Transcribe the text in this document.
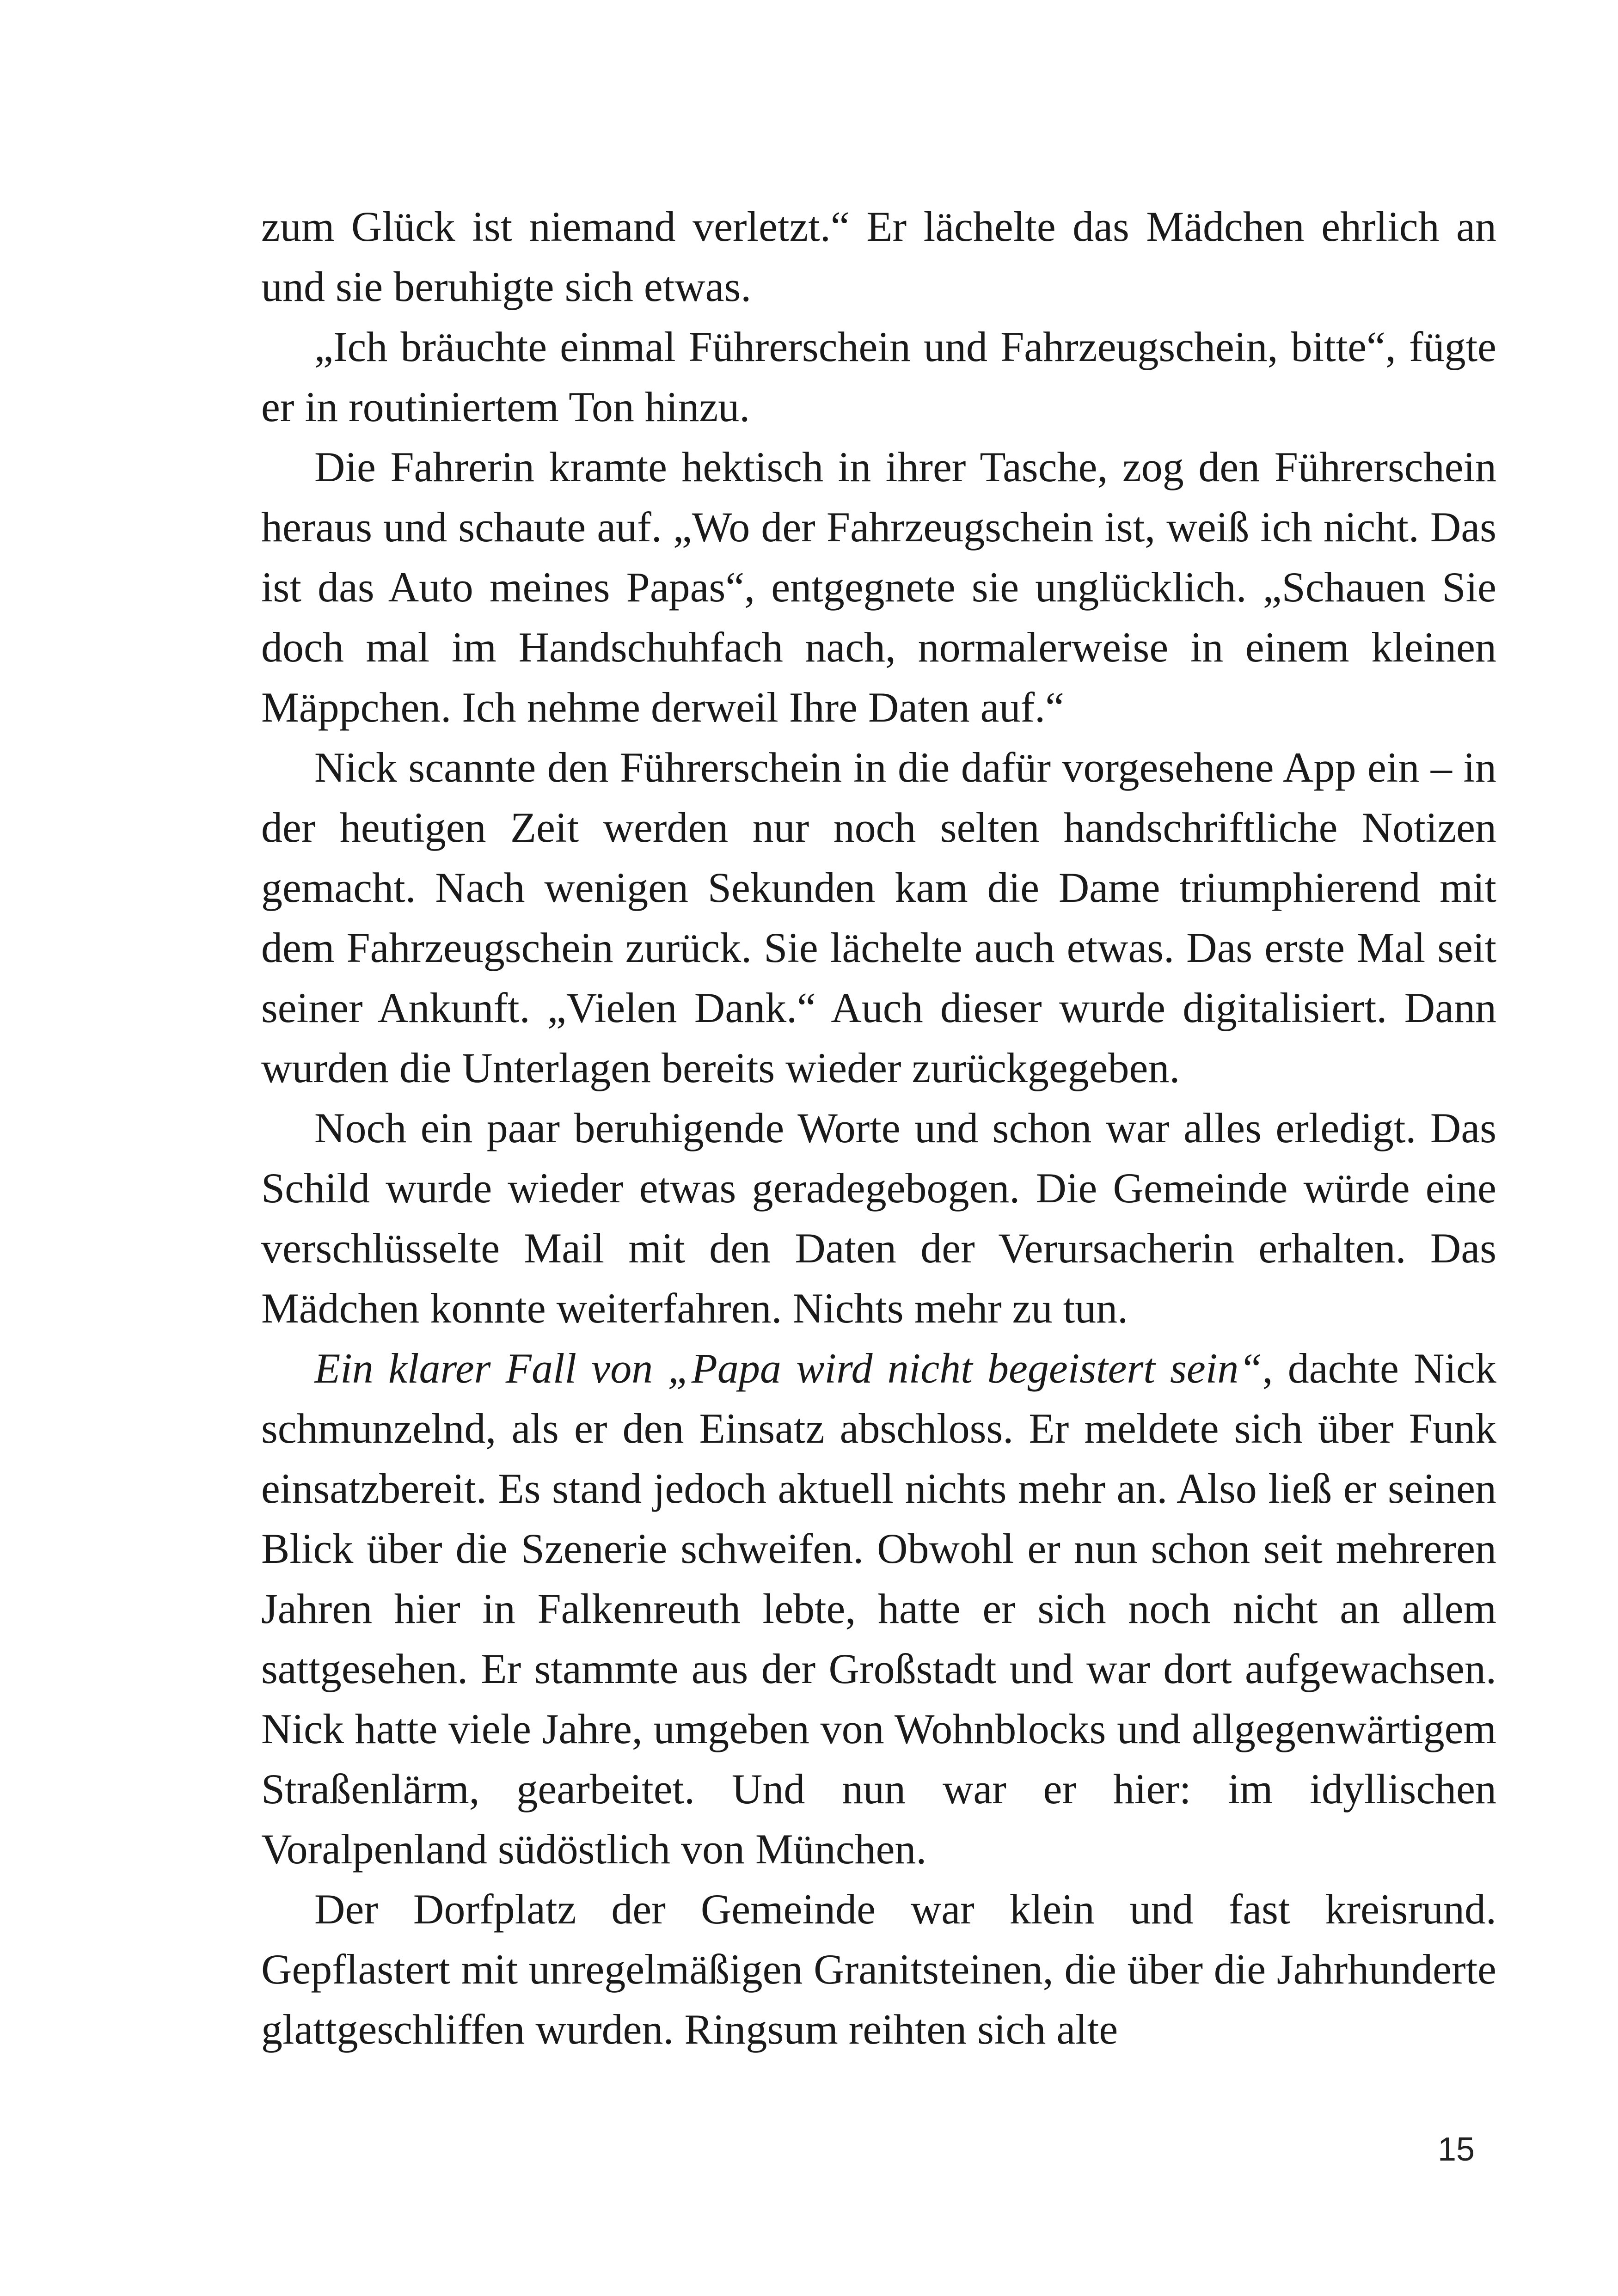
zum Glück ist niemand verletzt.“ Er lächelte das Mädchen ehrlich an und sie beruhigte sich etwas.

„Ich bräuchte einmal Führerschein und Fahrzeugschein, bitte“, fügte er in routiniertem Ton hinzu.

Die Fahrerin kramte hektisch in ihrer Tasche, zog den Führerschein heraus und schaute auf. „Wo der Fahrzeugschein ist, weiß ich nicht. Das ist das Auto meines Papas“, entgegnete sie unglücklich. „Schauen Sie doch mal im Handschuhfach nach, normalerweise in einem kleinen Mäppchen. Ich nehme derweil Ihre Daten auf.“

Nick scannte den Führerschein in die dafür vorgesehene App ein – in der heutigen Zeit werden nur noch selten handschriftliche Notizen gemacht. Nach wenigen Sekunden kam die Dame triumphierend mit dem Fahrzeugschein zurück. Sie lächelte auch etwas. Das erste Mal seit seiner Ankunft. „Vielen Dank.“ Auch dieser wurde digitalisiert. Dann wurden die Unterlagen bereits wieder zurückgegeben.

Noch ein paar beruhigende Worte und schon war alles erledigt. Das Schild wurde wieder etwas geradegebogen. Die Gemeinde würde eine verschlüsselte Mail mit den Daten der Verursacherin erhalten. Das Mädchen konnte weiterfahren. Nichts mehr zu tun.

Ein klarer Fall von „Papa wird nicht begeistert sein“, dachte Nick schmunzelnd, als er den Einsatz abschloss. Er meldete sich über Funk einsatzbereit. Es stand jedoch aktuell nichts mehr an. Also ließ er seinen Blick über die Szenerie schweifen. Obwohl er nun schon seit mehreren Jahren hier in Falkenreuth lebte, hatte er sich noch nicht an allem sattgesehen. Er stammte aus der Großstadt und war dort aufgewachsen. Nick hatte viele Jahre, umgeben von Wohnblocks und allgegenwärtigem Straßenlärm, gearbeitet. Und nun war er hier: im idyllischen Voralpenland südöstlich von München.

Der Dorfplatz der Gemeinde war klein und fast kreisrund. Gepflastert mit unregelmäßigen Granitsteinen, die über die Jahrhunderte glattgeschliffen wurden. Ringsum reihten sich alte

15
